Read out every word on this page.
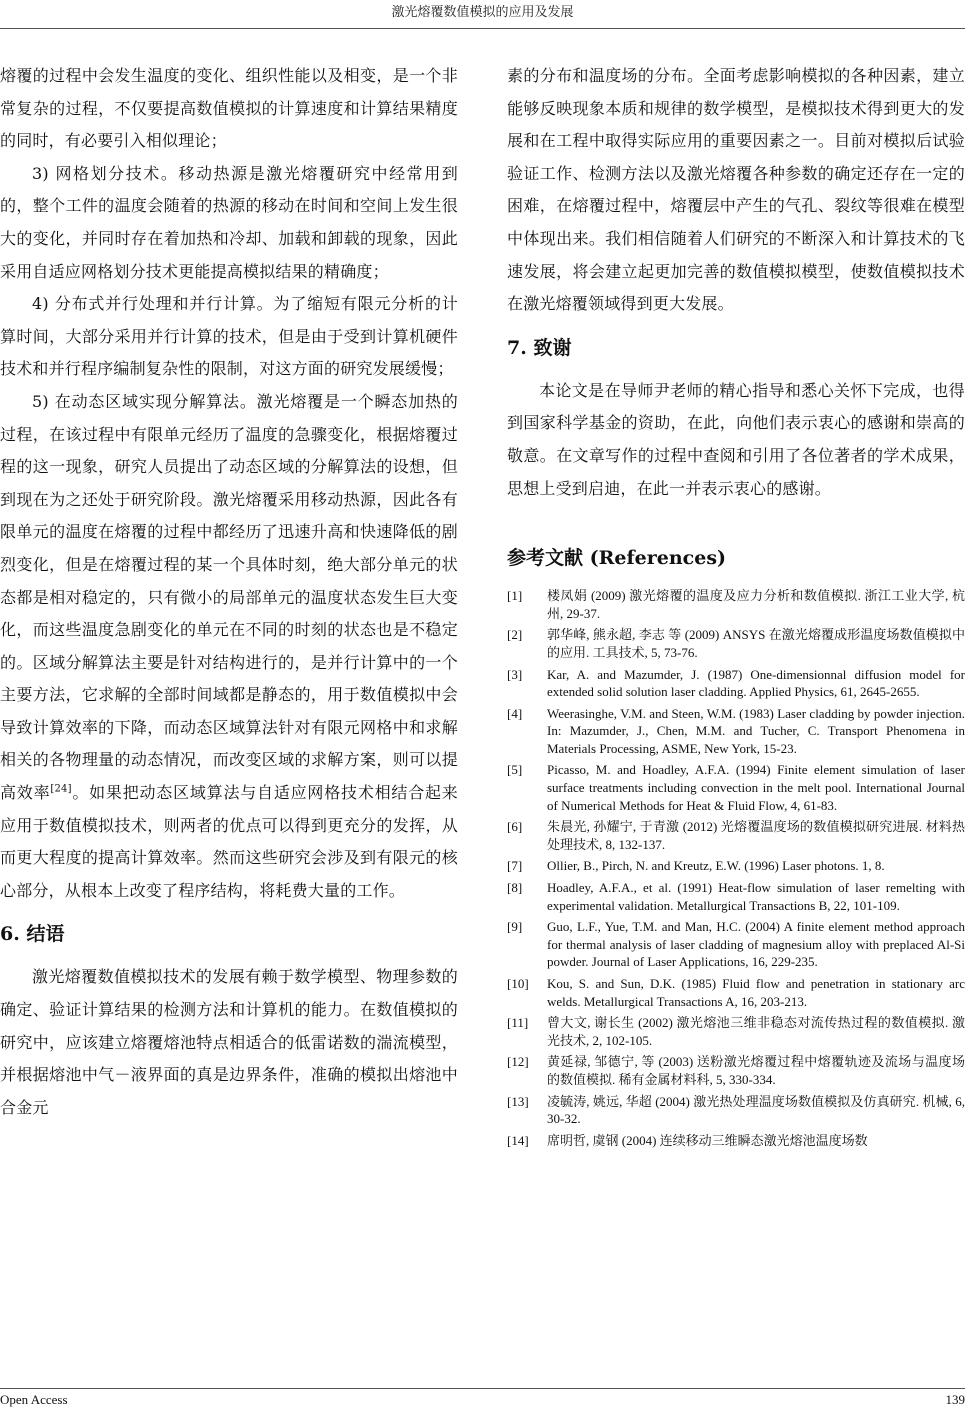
激光熔覆数值模拟的应用及发展

熔覆的过程中会发生温度的变化、组织性能以及相变，是一个非常复杂的过程，不仅要提高数值模拟的计算速度和计算结果精度的同时，有必要引入相似理论；

3) 网格划分技术。移动热源是激光熔覆研究中经常用到的，整个工件的温度会随着的热源的移动在时间和空间上发生很大的变化，并同时存在着加热和冷却、加载和卸载的现象，因此采用自适应网格划分技术更能提高模拟结果的精确度；

4) 分布式并行处理和并行计算。为了缩短有限元分析的计算时间，大部分采用并行计算的技术，但是由于受到计算机硬件技术和并行程序编制复杂性的限制，对这方面的研究发展缓慢；

5) 在动态区域实现分解算法。激光熔覆是一个瞬态加热的过程，在该过程中有限单元经历了温度的急骤变化，根据熔覆过程的这一现象，研究人员提出了动态区域的分解算法的设想，但到现在为之还处于研究阶段。激光熔覆采用移动热源，因此各有限单元的温度在熔覆的过程中都经历了迅速升高和快速降低的剧烈变化，但是在熔覆过程的某一个具体时刻，绝大部分单元的状态都是相对稳定的，只有微小的局部单元的温度状态发生巨大变化，而这些温度急剧变化的单元在不同的时刻的状态也是不稳定的。区域分解算法主要是针对结构进行的，是并行计算中的一个主要方法，它求解的全部时间域都是静态的，用于数值模拟中会导致计算效率的下降，而动态区域算法针对有限元网格中和求解相关的各物理量的动态情况，而改变区域的求解方案，则可以提高效率[24]。如果把动态区域算法与自适应网格技术相结合起来应用于数值模拟技术，则两者的优点可以得到更充分的发挥，从而更大程度的提高计算效率。然而这些研究会涉及到有限元的核心部分，从根本上改变了程序结构，将耗费大量的工作。

6. 结语

激光熔覆数值模拟技术的发展有赖于数学模型、物理参数的确定、验证计算结果的检测方法和计算机的能力。在数值模拟的研究中，应该建立熔覆熔池特点相适合的低雷诺数的湍流模型，并根据熔池中气－液界面的真是边界条件，准确的模拟出熔池中合金元

素的分布和温度场的分布。全面考虑影响模拟的各种因素，建立能够反映现象本质和规律的数学模型，是模拟技术得到更大的发展和在工程中取得实际应用的重要因素之一。目前对模拟后试验验证工作、检测方法以及激光熔覆各种参数的确定还存在一定的困难，在熔覆过程中，熔覆层中产生的气孔、裂纹等很难在模型中体现出来。我们相信随着人们研究的不断深入和计算技术的飞速发展，将会建立起更加完善的数值模拟模型，使数值模拟技术在激光熔覆领域得到更大发展。

7. 致谢

本论文是在导师尹老师的精心指导和悉心关怀下完成，也得到国家科学基金的资助，在此，向他们表示衷心的感谢和崇高的敬意。在文章写作的过程中查阅和引用了各位著者的学术成果，思想上受到启迪，在此一并表示衷心的感谢。

参考文献 (References)
[1] 楼凤娟 (2009) 激光熔覆的温度及应力分析和数值模拟. 浙江工业大学, 杭州, 29-37.
[2] 郭华峰, 熊永超, 李志 等 (2009) ANSYS 在激光熔覆成形温度场数值模拟中的应用. 工具技术, 5, 73-76.
[3] Kar, A. and Mazumder, J. (1987) One-dimensionnal diffusion model for extended solid solution laser cladding. Applied Physics, 61, 2645-2655.
[4] Weerasinghe, V.M. and Steen, W.M. (1983) Laser cladding by powder injection. In: Mazumder, J., Chen, M.M. and Tucher, C. Transport Phenomena in Materials Processing, ASME, New York, 15-23.
[5] Picasso, M. and Hoadley, A.F.A. (1994) Finite element simulation of laser surface treatments including convection in the melt pool. International Journal of Numerical Methods for Heat & Fluid Flow, 4, 61-83.
[6] 朱晨光, 孙耀宁, 于青激 (2012) 光熔覆温度场的数值模拟研究进展. 材料热处理技术, 8, 132-137.
[7] Ollier, B., Pirch, N. and Kreutz, E.W. (1996) Laser photons. 1, 8.
[8] Hoadley, A.F.A., et al. (1991) Heat-flow simulation of laser remelting with experimental validation. Metallurgical Transactions B, 22, 101-109.
[9] Guo, L.F., Yue, T.M. and Man, H.C. (2004) A finite element method approach for thermal analysis of laser cladding of magnesium alloy with preplaced Al-Si powder. Journal of Laser Applications, 16, 229-235.
[10] Kou, S. and Sun, D.K. (1985) Fluid flow and penetration in stationary arc welds. Metallurgical Transactions A, 16, 203-213.
[11] 曾大文, 谢长生 (2002) 激光熔池三维非稳态对流传热过程的数值模拟. 激光技术, 2, 102-105.
[12] 黄延禄, 邹德宁, 等 (2003) 送粉激光熔覆过程中熔覆轨迹及流场与温度场的数值模拟. 稀有金属材料科, 5, 330-334.
[13] 凌毓涛, 姚远, 华超 (2004) 激光热处理温度场数值模拟及仿真研究. 机械, 6, 30-32.
[14] 席明哲, 虞钢 (2004) 连续移动三维瞬态激光熔池温度场数
Open Access	139
